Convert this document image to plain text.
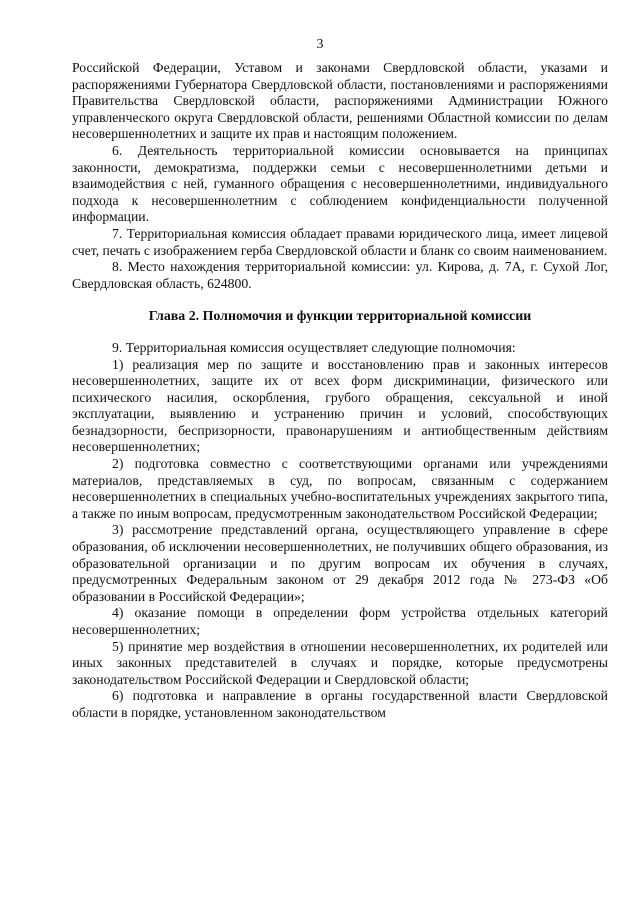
3

Российской Федерации, Уставом и законами Свердловской области, указами и распоряжениями Губернатора Свердловской области, постановлениями и распоряжениями Правительства Свердловской области, распоряжениями Администрации Южного управленческого округа Свердловской области, решениями Областной комиссии по делам несовершеннолетних и защите их прав и настоящим положением.

6. Деятельность территориальной комиссии основывается на принципах законности, демократизма, поддержки семьи с несовершеннолетними детьми и взаимодействия с ней, гуманного обращения с несовершеннолетними, индивидуального подхода к несовершеннолетним с соблюдением конфиденциальности полученной информации.

7. Территориальная комиссия обладает правами юридического лица, имеет лицевой счет, печать с изображением герба Свердловской области и бланк со своим наименованием.

8. Место нахождения территориальной комиссии: ул. Кирова, д. 7А, г. Сухой Лог, Свердловская область, 624800.

Глава 2. Полномочия и функции территориальной комиссии

9. Территориальная комиссия осуществляет следующие полномочия:

1) реализация мер по защите и восстановлению прав и законных интересов несовершеннолетних, защите их от всех форм дискриминации, физического или психического насилия, оскорбления, грубого обращения, сексуальной и иной эксплуатации, выявлению и устранению причин и условий, способствующих безнадзорности, беспризорности, правонарушениям и антиобщественным действиям несовершеннолетних;

2) подготовка совместно с соответствующими органами или учреждениями материалов, представляемых в суд, по вопросам, связанным с содержанием несовершеннолетних в специальных учебно-воспитательных учреждениях закрытого типа, а также по иным вопросам, предусмотренным законодательством Российской Федерации;

3) рассмотрение представлений органа, осуществляющего управление в сфере образования, об исключении несовершеннолетних, не получивших общего образования, из образовательной организации и по другим вопросам их обучения в случаях, предусмотренных Федеральным законом от 29 декабря 2012 года № 273-ФЗ «Об образовании в Российской Федерации»;

4) оказание помощи в определении форм устройства отдельных категорий несовершеннолетних;

5) принятие мер воздействия в отношении несовершеннолетних, их родителей или иных законных представителей в случаях и порядке, которые предусмотрены законодательством Российской Федерации и Свердловской области;

6) подготовка и направление в органы государственной власти Свердловской области в порядке, установленном законодательством
